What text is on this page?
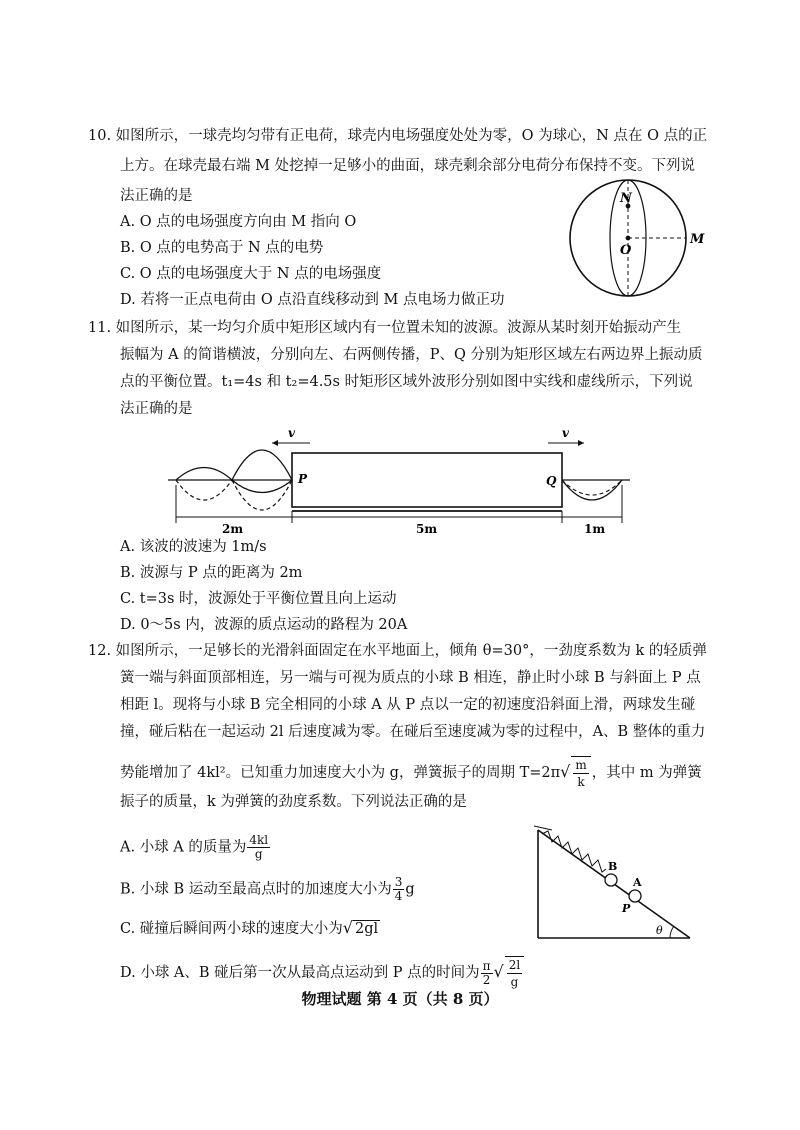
10. 如图所示，一球壳均匀带有正电荷，球壳内电场强度处处为零，O 为球心，N 点在 O 点的正
上方。在球壳最右端 M 处挖掉一足够小的曲面，球壳剩余部分电荷分布保持不变。下列说
法正确的是
A. O 点的电场强度方向由 M 指向 O
B. O 点的电势高于 N 点的电势
C. O 点的电场强度大于 N 点的电场强度
D. 若将一正点电荷由 O 点沿直线移动到 M 点电场力做正功
N
O
M
11. 如图所示，某一均匀介质中矩形区域内有一位置未知的波源。波源从某时刻开始振动产生
振幅为 A 的简谐横波，分别向左、右两侧传播，P、Q 分别为矩形区域左右两边界上振动质
点的平衡位置。t₁=4s 和 t₂=4.5s 时矩形区域外波形分别如图中实线和虚线所示，下列说
法正确的是
v	v
P	Q
2m	5m	1m
A. 该波的波速为 1m/s
B. 波源与 P 点的距离为 2m
C. t=3s 时，波源处于平衡位置且向上运动
D. 0～5s 内，波源的质点运动的路程为 20A
12. 如图所示，一足够长的光滑斜面固定在水平地面上，倾角 θ=30°，一劲度系数为 k 的轻质弹
簧一端与斜面顶部相连，另一端与可视为质点的小球 B 相连，静止时小球 B 与斜面上 P 点
相距 l。现将与小球 B 完全相同的小球 A 从 P 点以一定的初速度沿斜面上滑，两球发生碰
撞，碰后粘在一起运动 2l 后速度减为零。在碰后至速度减为零的过程中，A、B 整体的重力
势能增加了 4kl²。已知重力加速度大小为 g，弹簧振子的周期 $T=2\pi√ \frac{m}{k}$ ，其中 m 为弹簧
振子的质量，k 为弹簧的劲度系数。下列说法正确的是
A. 小球 A 的质量为 $\frac{4kl}{g}$
B. 小球 B 运动至最高点时的加速度大小为 $\frac{3}{4}$ g
C. 碰撞后瞬间两小球的速度大小为√ 2gl
D. 小球 A、B 碰后第一次从最高点运动到 P 点的时间为 $\frac{\pi}{2}$ √ $\frac{2l}{g}$
B
A
P
θ
物理试题 第 4 页（共 8 页）
